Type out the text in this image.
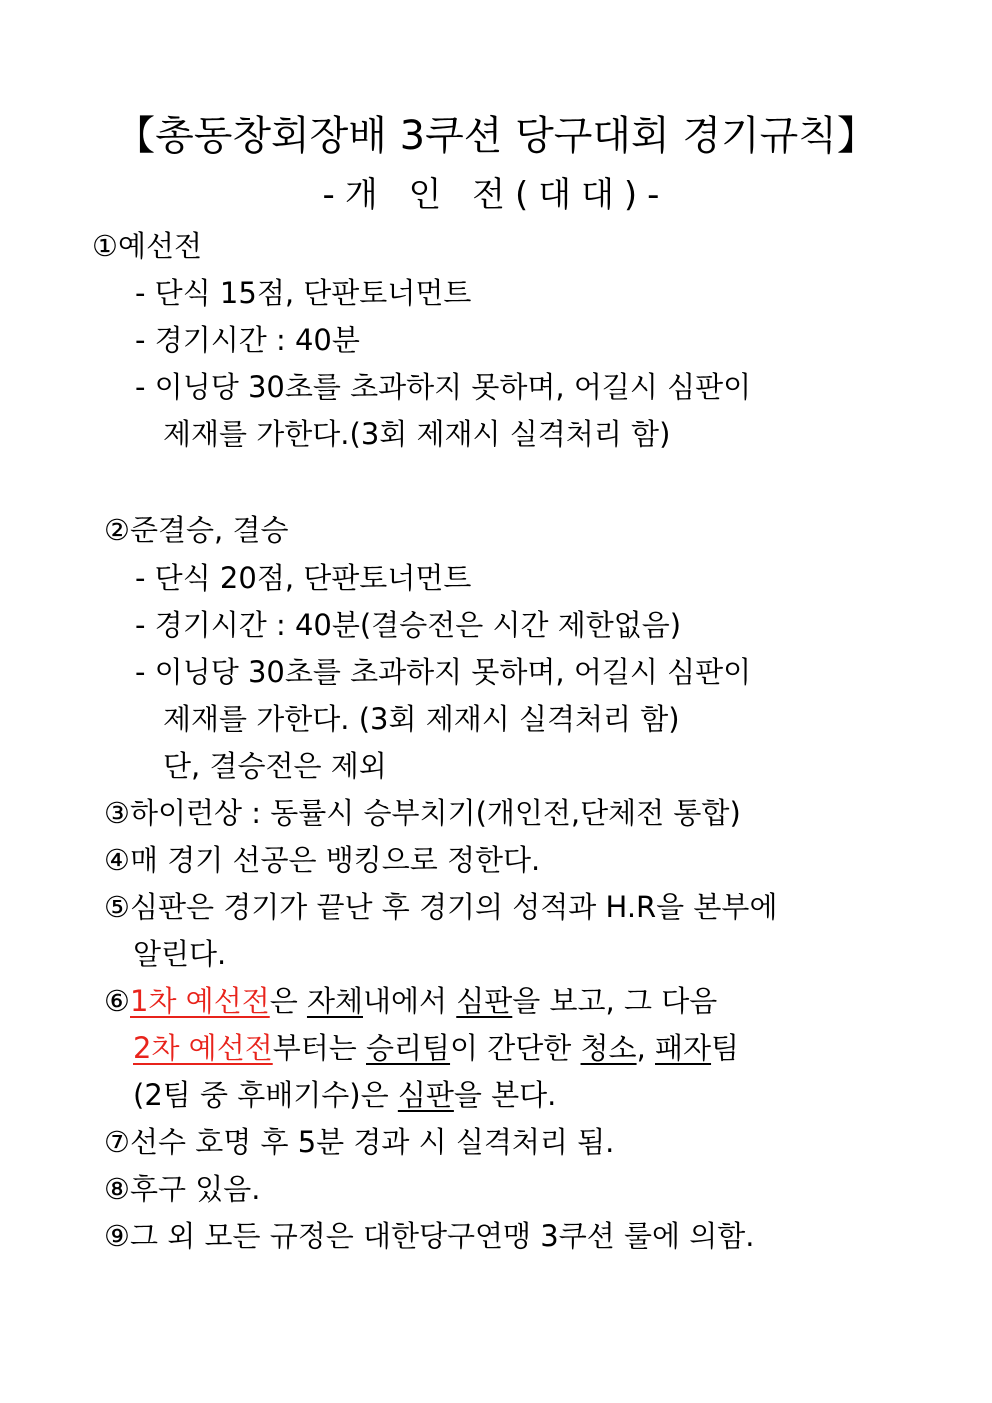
【총동창회장배 3쿠션 당구대회 경기규칙】
-개 인 전(대대)-
①예선전
- 단식 15점, 단판토너먼트
- 경기시간 : 40분
- 이닝당 30초를 초과하지 못하며, 어길시 심판이
제재를 가한다.(3회 제재시 실격처리 함)
②준결승, 결승
- 단식 20점, 단판토너먼트
- 경기시간 : 40분(결승전은 시간 제한없음)
- 이닝당 30초를 초과하지 못하며, 어길시 심판이
제재를 가한다. (3회 제재시 실격처리 함)
단, 결승전은 제외
③하이런상 : 동률시 승부치기(개인전,단체전 통합)
④매 경기 선공은 뱅킹으로 정한다.
⑤심판은 경기가 끝난 후 경기의 성적과 H.R을 본부에
알린다.
⑥1차 예선전은 자체내에서 심판을 보고, 그 다음
2차 예선전부터는 승리팀이 간단한 청소, 패자팀
(2팀 중 후배기수)은 심판을 본다.
⑦선수 호명 후 5분 경과 시 실격처리 됨.
⑧후구 있음.
⑨그 외 모든 규정은 대한당구연맹 3쿠션 룰에 의함.
